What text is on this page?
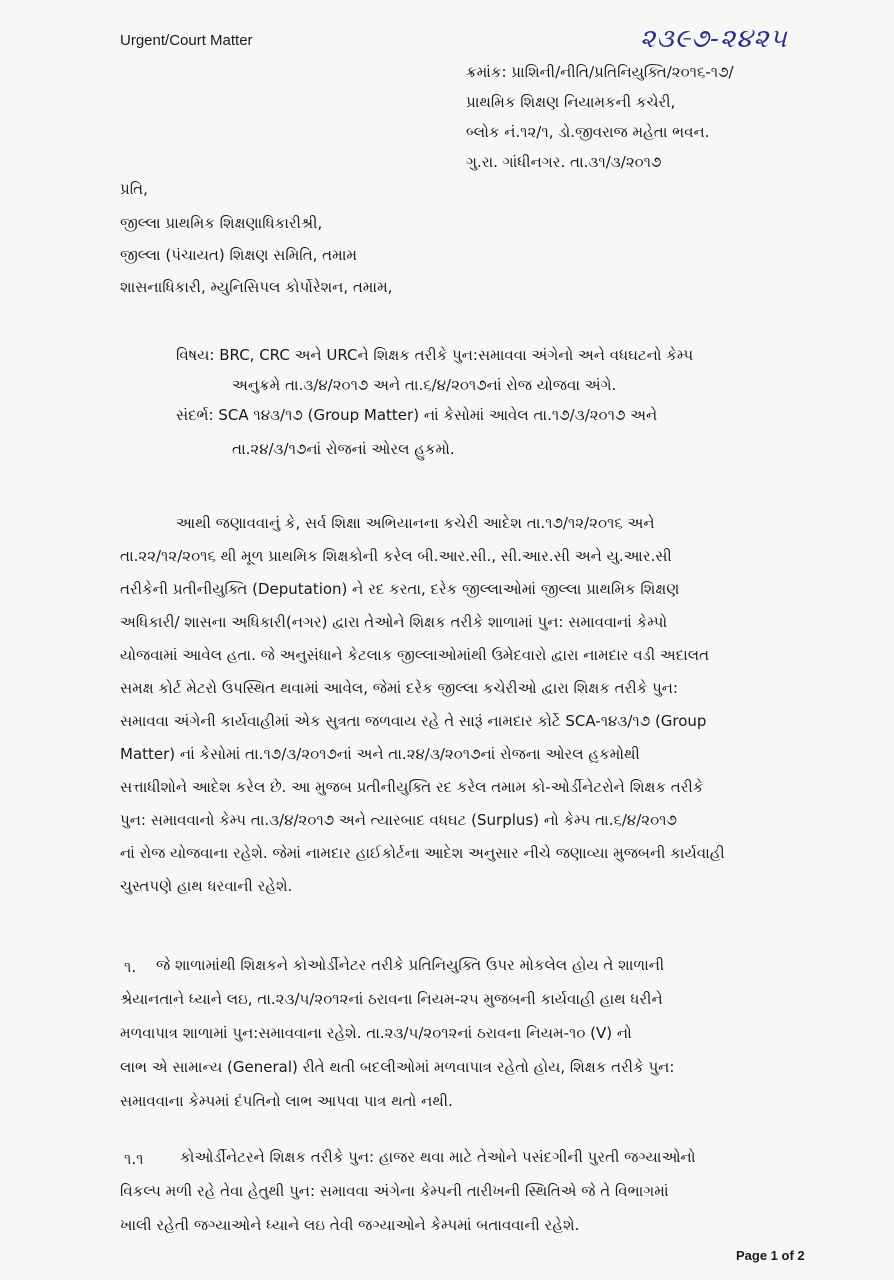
Urgent/Court Matter	૨૩૯૭-૨૪૨૫
ક્રમાંક: પ્રાશિની/નીતિ/પ્રતિનિયુક્તિ/૨૦૧૬-૧૭/
પ્રાથમિક શિક્ષણ નિયામકની કચેરી,
બ્લોક નં.૧૨/૧, ડો.જીવરાજ મહેતા ભવન.
ગુ.રા. ગાંધીનગર. તા.૩૧/૩/૨૦૧૭
પ્રતિ,
જીલ્લા પ્રાથમિક શિક્ષણાધિકારીશ્રી,
જીલ્લા (પંચાયત) શિક્ષણ સમિતિ, તમામ
શાસનાધિકારી, મ્યુનિસિપલ કોર્પોરેશન, તમામ,
વિષય: BRC, CRC અને URCને શિક્ષક તરીકે પુન:સમાવવા અંગેનો અને વધઘટનો કેમ્પ
અનુક્રમે તા.૩/૪/૨૦૧૭ અને તા.૬/૪/૨૦૧૭નાં રોજ યોજવા અંગે.
સંદર્ભ: SCA ૧૪૩/૧૭ (Group Matter) નાં કેસોમાં આવેલ તા.૧૭/૩/૨૦૧૭ અને
તા.૨૪/૩/૧૭નાં રોજનાં ઓરલ હુકમો.
આથી જણાવવાનું કે, સર્વ શિક્ષા અભિયાનના કચેરી આદેશ તા.૧૭/૧૨/૨૦૧૬ અને
તા.૨૨/૧૨/૨૦૧૬ થી મૂળ પ્રાથમિક શિક્ષકોની કરેલ બી.આર.સી., સી.આર.સી અને યુ.આર.સી
તરીકેની પ્રતીનીયુક્તિ (Deputation) ને રદ કરતા, દરેક જીલ્લાઓમાં જીલ્લા પ્રાથમિક શિક્ષણ
અધિકારી/ શાસના અધિકારી(નગર) દ્વારા તેઓને શિક્ષક તરીકે શાળામાં પુન: સમાવવાનાં કેમ્પો
યોજવામાં આવેલ હતા. જે અનુસંધાને કેટલાક જીલ્લાઓમાંથી ઉમેદવારો દ્વારા નામદાર વડી અદાલત
સમક્ષ કોર્ટ મેટરો ઉપસ્થિત થવામાં આવેલ, જેમાં દરેક જીલ્લા કચેરીઓ દ્વારા શિક્ષક તરીકે પુન:
સમાવવા અંગેની કાર્યવાહીમાં એક સુત્રતા જળવાય રહે તે સારૂં નામદાર કોર્ટે SCA-૧૪૩/૧૭ (Group
Matter) નાં કેસોમાં તા.૧૭/૩/૨૦૧૭નાં અને તા.૨૪/૩/૨૦૧૭નાં રોજના ઓરલ હુકમોથી
સત્તાધીશોને આદેશ કરેલ છે. આ મુજબ પ્રતીનીયુક્તિ રદ કરેલ તમામ કો-ઓર્ડીનેટરોને શિક્ષક તરીકે
પુન: સમાવવાનો કેમ્પ તા.૩/૪/૨૦૧૭ અને ત્યારબાદ વધઘટ (Surplus) નો કેમ્પ તા.૬/૪/૨૦૧૭
નાં રોજ યોજવાના રહેશે. જેમાં નામદાર હાઈકોર્ટના આદેશ અનુસાર નીચે જણાવ્યા મુજબની કાર્યવાહી
ચુસ્તપણે હાથ ધરવાની રહેશે.
૧. જે શાળામાંથી શિક્ષકને કોઓર્ડીનેટર તરીકે પ્રતિનિયુક્તિ ઉપર મોકલેલ હોય તે શાળાની
શ્રેયાનતાને ધ્યાને લઇ, તા.૨૩/૫/૨૦૧૨નાં ઠરાવના નિયમ-૨૫ મુજબની કાર્યવાહી હાથ ધરીને
મળવાપાત્ર શાળામાં પુન:સમાવવાના રહેશે. તા.૨૩/૫/૨૦૧૨નાં ઠરાવના નિયમ-૧૦ (V) નો
લાભ એ સામાન્ય (General) રીતે થતી બદલીઓમાં મળવાપાત્ર રહેતો હોય, શિક્ષક તરીકે પુન:
સમાવવાના કેમ્પમાં દંપતિનો લાભ આપવા પાત્ર થતો નથી.
૧.૧ કોઓર્ડીનેટરને શિક્ષક તરીકે પુન: હાજર થવા માટે તેઓને પસંદગીની પુરતી જગ્યાઓનો
વિકલ્પ મળી રહે તેવા હેતુથી પુન: સમાવવા અંગેના કેમ્પની તારીખની સ્થિતિએ જે તે વિભાગમાં
ખાલી રહેતી જગ્યાઓને ધ્યાને લઇ તેવી જગ્યાઓને કેમ્પમાં બતાવવાની રહેશે.
Page 1 of 2
